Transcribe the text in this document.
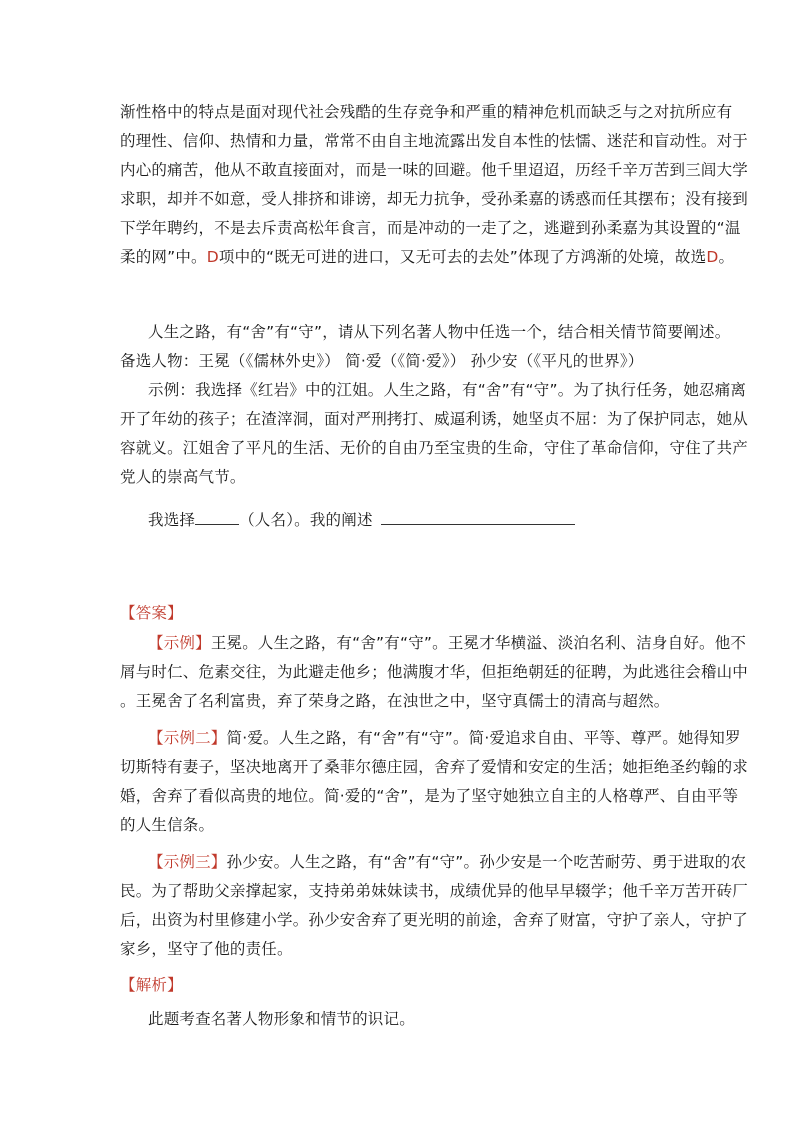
渐性格中的特点是面对现代社会残酷的生存竞争和严重的精神危机而缺乏与之对抗所应有
的理性、信仰、热情和力量，常常不由自主地流露出发自本性的怯懦、迷茫和盲动性。对于
内心的痛苦，他从不敢直接面对，而是一味的回避。他千里迢迢，历经千辛万苦到三闾大学
求职，却并不如意，受人排挤和诽谤，却无力抗争，受孙柔嘉的诱惑而任其摆布；没有接到
下学年聘约，不是去斥责高松年食言，而是冲动的一走了之，逃避到孙柔嘉为其设置的“温
柔的网”中。D项中的“既无可进的进口，又无可去的去处”体现了方鸿渐的处境，故选D。
人生之路，有“舍”有“守”，请从下列名著人物中任选一个，结合相关情节简要阐述。
备选人物：王冕（《儒林外史》） 简·爱（《简·爱》） 孙少安（《平凡的世界》）
示例：我选择《红岩》中的江姐。人生之路，有“舍”有“守”。为了执行任务，她忍痛离
开了年幼的孩子；在渣滓洞，面对严刑拷打、威逼利诱，她坚贞不屈：为了保护同志，她从
容就义。江姐舍了平凡的生活、无价的自由乃至宝贵的生命，守住了革命信仰，守住了共产
党人的崇高气节。
我选择	（人名）。我的阐述
【答案】
【示例】王冕。人生之路，有“舍”有“守”。王冕才华横溢、淡泊名利、洁身自好。他不
屑与时仁、危素交往，为此避走他乡；他满腹才华，但拒绝朝廷的征聘，为此逃往会稽山中
。王冕舍了名利富贵，弃了荣身之路，在浊世之中，坚守真儒士的清高与超然。
【示例二】简·爱。人生之路，有“舍”有“守”。简·爱追求自由、平等、尊严。她得知罗
切斯特有妻子，坚决地离开了桑菲尔德庄园，舍弃了爱情和安定的生活；她拒绝圣约翰的求
婚，舍弃了看似高贵的地位。简·爱的“舍”，是为了坚守她独立自主的人格尊严、自由平等
的人生信条。
【示例三】孙少安。人生之路，有“舍”有“守”。孙少安是一个吃苦耐劳、勇于进取的农
民。为了帮助父亲撑起家，支持弟弟妹妹读书，成绩优异的他早早辍学；他千辛万苦开砖厂
后，出资为村里修建小学。孙少安舍弃了更光明的前途，舍弃了财富，守护了亲人，守护了
家乡，坚守了他的责任。
【解析】
此题考查名著人物形象和情节的识记。
